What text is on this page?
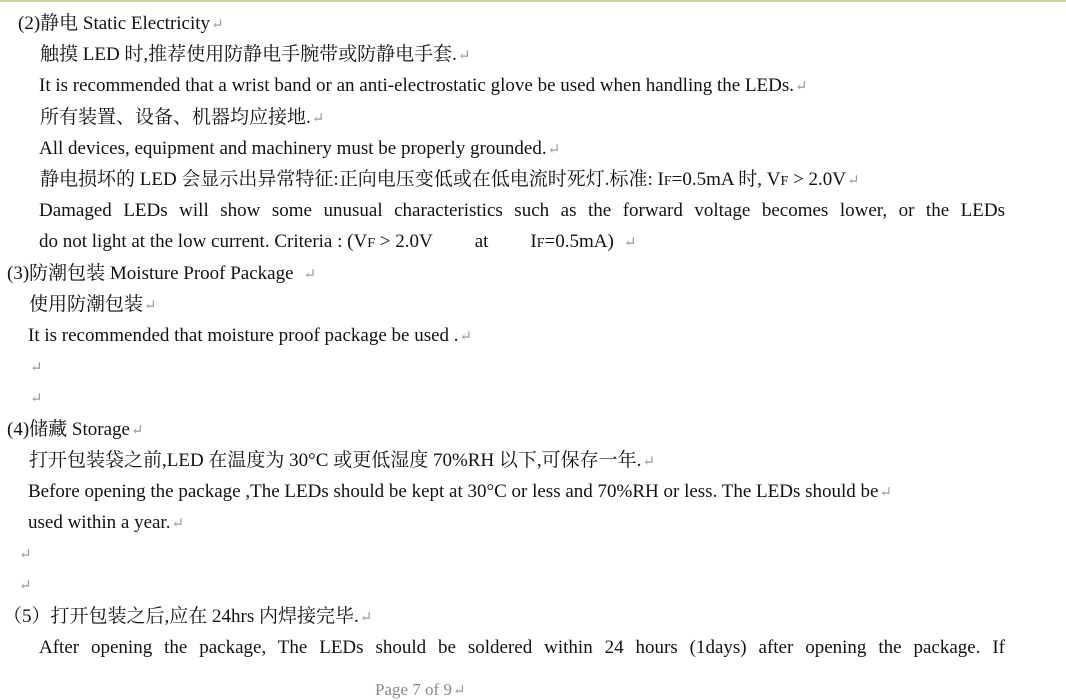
(2)静电 Static Electricity↵
触摸 LED 时,推荐使用防静电手腕带或防静电手套.↵
It is recommended that a wrist band or an anti-electrostatic glove be used when handling the LEDs.↵
所有装置、设备、机器均应接地.↵
All devices, equipment and machinery must be properly grounded.↵
静电损坏的 LED 会显示出异常特征:正向电压变低或在低电流时死灯.标准: IF=0.5mA 时, VF > 2.0V↵
Damaged LEDs will show some unusual characteristics such as the forward voltage becomes lower, or the LEDs
do not light at the low current. Criteria : (VF > 2.0V at IF=0.5mA) ↵
(3)防潮包装 Moisture Proof Package ↵
使用防潮包装↵
It is recommended that moisture proof package be used .↵
↵
↵
(4)储藏 Storage↵
打开包装袋之前,LED 在温度为 30°C 或更低湿度 70%RH 以下,可保存一年.↵
Before opening the package ,The LEDs should be kept at 30°C or less and 70%RH or less. The LEDs should be↵
used within a year.↵
↵
↵
（5）打开包装之后,应在 24hrs 内焊接完毕.↵
After opening the package, The LEDs should be soldered within 24 hours (1days) after opening the package. If
Page 7 of 9↵
